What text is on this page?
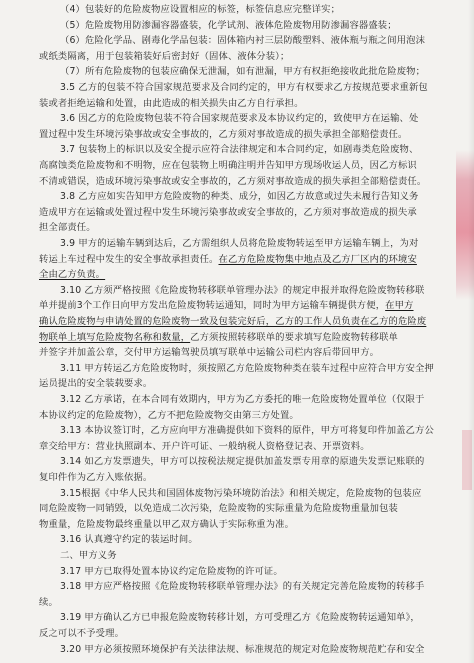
（4）包装好的危险废物应设置相应的标签，标签信息应完整详实；
（5）危险废物用防渗漏容器盛装，化学试剂、液体危险废物用防渗漏容器盛装；
（6）危险化学品、剧毒化学品包装：固体箱内衬三层防酸塑料、液体瓶与瓶之间用泡沫
或纸类隔离，用于包装箱装好后密封好（固体、液体分装）；
（7）所有危险废物的包装应确保无泄漏，如有泄漏，甲方有权拒绝接收此批危险废物；
3.5 乙方的包装不符合国家规范要求及合同约定的，甲方有权要求乙方按规范要求重新包
装或者拒绝运输和处置，由此造成的相关损失由乙方自行承担。
3.6 因乙方的危险废物包装不符合国家规范要求及本协议约定的，致使甲方在运输、处
置过程中发生环境污染事故或安全事故的，乙方须对事故造成的损失承担全部赔偿责任。
3.7 包装物上的标识以及安全提示应符合法律规定和本合同约定，如剧毒类危险废物、
高腐蚀类危险废物和不明物，应在包装物上明确注明并告知甲方现场收运人员，因乙方标识
不清或错误，造成环境污染事故或安全事故的，乙方须对事故造成的损失承担全部赔偿责任。
3.8 乙方应如实告知甲方危险废物的种类、成分，如因乙方故意或过失未履行告知义务
造成甲方在运输或处置过程中发生环境污染事故或安全事故的，乙方须对事故造成的损失承
担全部责任。
3.9 甲方的运输车辆到达后，乙方需组织人员将危险废物转运至甲方运输车辆上，为对
转运上车过程中发生的安全事故承担责任。在乙方危险废物集中地点及乙方厂区内的环境安
全由乙方负责。
3.10 乙方须严格按照《危险废物转移联单管理办法》的规定申报并取得危险废物转移联
单并提前3个工作日向甲方发出危险废物转运通知，同时为甲方运输车辆提供方便，在甲方
确认危险废物与申请处置的危险废物一致及包装完好后，乙方的工作人员负责在乙方的危险废
物联单上填写危险废物名称和数量，乙方须按照转移联单的要求填写危险废物转移联单
并签字并加盖公章，交付甲方运输驾驶员填写联单中运输公司栏内容后带回甲方。
3.11 甲方转运乙方危险废物时，须按照乙方危险废物种类在装车过程中应符合甲方安全押
运员提出的安全装载要求。
3.12 乙方承诺，在本合同有效期内，甲方为乙方委托的唯一危险废物处置单位（仅限于
本协议约定的危险废物），乙方不把危险废物交由第三方处置。
3.13 本协议签订时，乙方应向甲方准确提供如下资料的原件，甲方可将复印件加盖乙方公
章交给甲方：营业执照副本、开户许可证、一般纳税人资格登记表、开票资料。
3.14 如乙方发票遗失，甲方可以按税法规定提供加盖发票专用章的原遗失发票记账联的
复印件作为乙方入账依据。
3.15根据《中华人民共和国固体废物污染环境防治法》和相关规定，危险废物的包装应
同危险废物一同销毁，以免造成二次污染，危险废物的实际重量为危险废物重量加包装
物重量，危险废物最终重量以甲乙双方确认于实际称重为准。
3.16 认真遵守约定的装运时间。
二、甲方义务
3.17 甲方已取得处置本协议约定危险废物的许可证。
3.18 甲方应严格按照《危险废物转移联单管理办法》的有关规定完善危险废物的转移手
续。
3.19 甲方确认乙方已申报危险废物转移计划，方可受理乙方《危险废物转运通知单》，
反之可以不予受理。
3.20 甲方必须按照环境保护有关法律法规、标准规范的规定对危险废物规范贮存和安全
